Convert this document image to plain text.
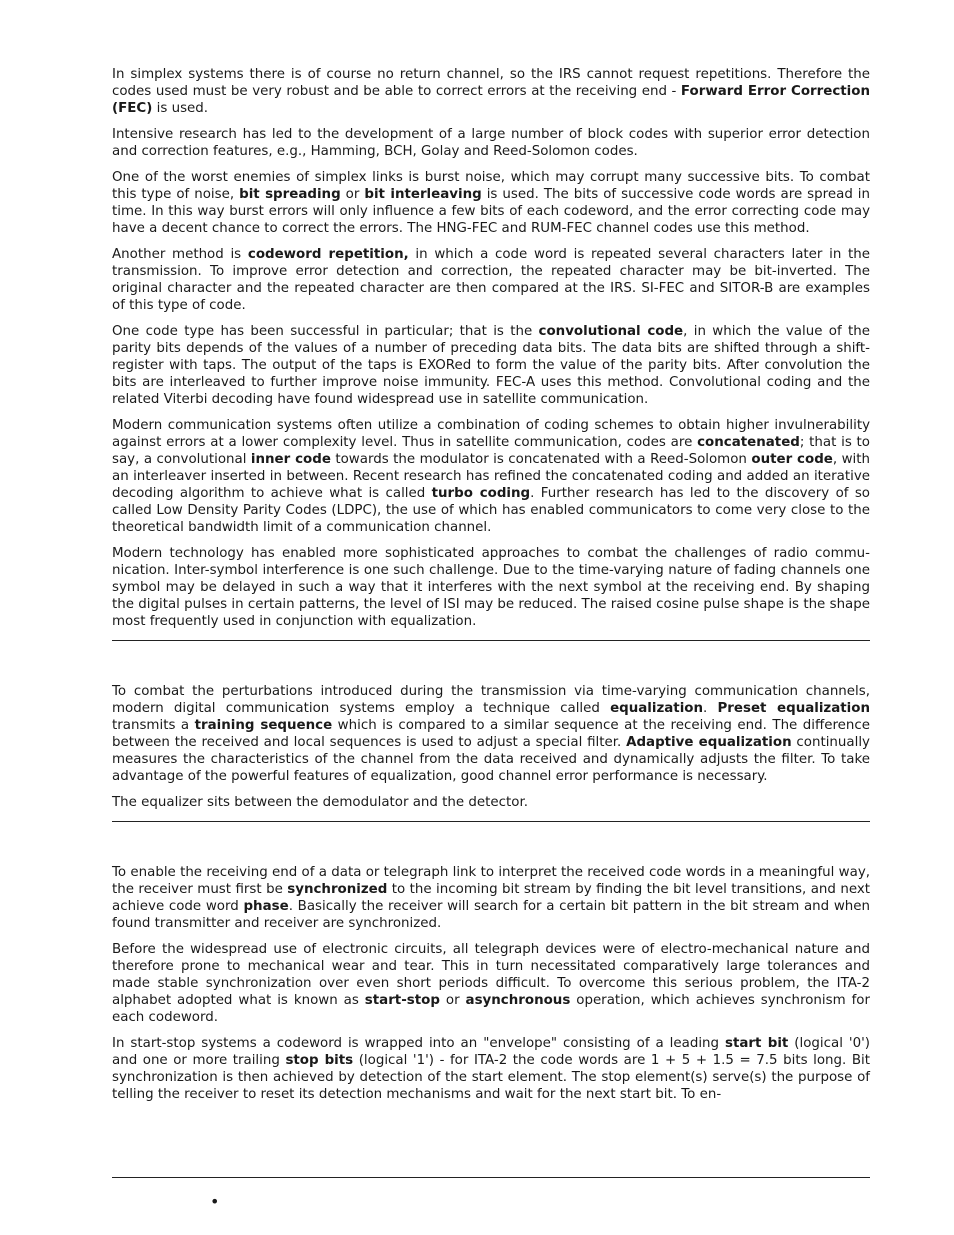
In simplex systems there is of course no return channel, so the IRS cannot request repetitions. Therefore the codes used must be very robust and be able to correct errors at the receiving end - Forward Error Correction (FEC) is used.

Intensive research has led to the development of a large number of block codes with superior error detection and correction features, e.g., Hamming, BCH, Golay and Reed-Solomon codes.

One of the worst enemies of simplex links is burst noise, which may corrupt many successive bits. To combat this type of noise, bit spreading or bit interleaving is used. The bits of successive code words are spread in time. In this way burst errors will only influence a few bits of each codeword, and the error correcting code may have a decent chance to correct the errors. The HNG-FEC and RUM-FEC channel codes use this method.

Another method is codeword repetition, in which a code word is repeated several characters later in the transmission. To improve error detection and correction, the repeated character may be bit-inverted. The original character and the repeated character are then compared at the IRS. SI-FEC and SITOR-B are examples of this type of code.

One code type has been successful in particular; that is the convolutional code, in which the value of the parity bits depends of the values of a number of preceding data bits. The data bits are shifted through a shift-register with taps. The output of the taps is EXORed to form the value of the parity bits. After convolution the bits are interleaved to further improve noise immunity. FEC-A uses this method. Convolutional coding and the related Viterbi decoding have found widespread use in satellite communication.

Modern communication systems often utilize a combination of coding schemes to obtain higher invulnerability against errors at a lower complexity level. Thus in satellite communication, codes are concatenated; that is to say, a convolutional inner code towards the modulator is concatenated with a Reed-Solomon outer code, with an interleaver inserted in between. Recent research has refined the concatenated coding and added an iterative decoding algorithm to achieve what is called turbo coding. Further research has led to the discovery of so called Low Density Parity Codes (LDPC), the use of which has enabled communicators to come very close to the theoretical bandwidth limit of a communication channel.

Modern technology has enabled more sophisticated approaches to combat the challenges of radio communication. Inter-symbol interference is one such challenge. Due to the time-varying nature of fading channels one symbol may be delayed in such a way that it interferes with the next symbol at the receiving end. By shaping the digital pulses in certain patterns, the level of ISI may be reduced. The raised cosine pulse shape is the shape most frequently used in conjunction with equalization.

To combat the perturbations introduced during the transmission via time-varying communication channels, modern digital communication systems employ a technique called equalization. Preset equalization transmits a training sequence which is compared to a similar sequence at the receiving end. The difference between the received and local sequences is used to adjust a special filter. Adaptive equalization continually measures the characteristics of the channel from the data received and dynamically adjusts the filter. To take advantage of the powerful features of equalization, good channel error performance is necessary.

The equalizer sits between the demodulator and the detector.

To enable the receiving end of a data or telegraph link to interpret the received code words in a meaningful way, the receiver must first be synchronized to the incoming bit stream by finding the bit level transitions, and next achieve code word phase. Basically the receiver will search for a certain bit pattern in the bit stream and when found transmitter and receiver are synchronized.

Before the widespread use of electronic circuits, all telegraph devices were of electro-mechanical nature and therefore prone to mechanical wear and tear. This in turn necessitated comparatively large tolerances and made stable synchronization over even short periods difficult. To overcome this serious problem, the ITA-2 alphabet adopted what is known as start-stop or asynchronous operation, which achieves synchronism for each codeword.

In start-stop systems a codeword is wrapped into an "envelope" consisting of a leading start bit (logical '0') and one or more trailing stop bits (logical '1') - for ITA-2 the code words are 1 + 5 + 1.5 = 7.5 bits long. Bit synchronization is then achieved by detection of the start element. The stop element(s) serve(s) the purpose of telling the receiver to reset its detection mechanisms and wait for the next start bit. To en-

•
